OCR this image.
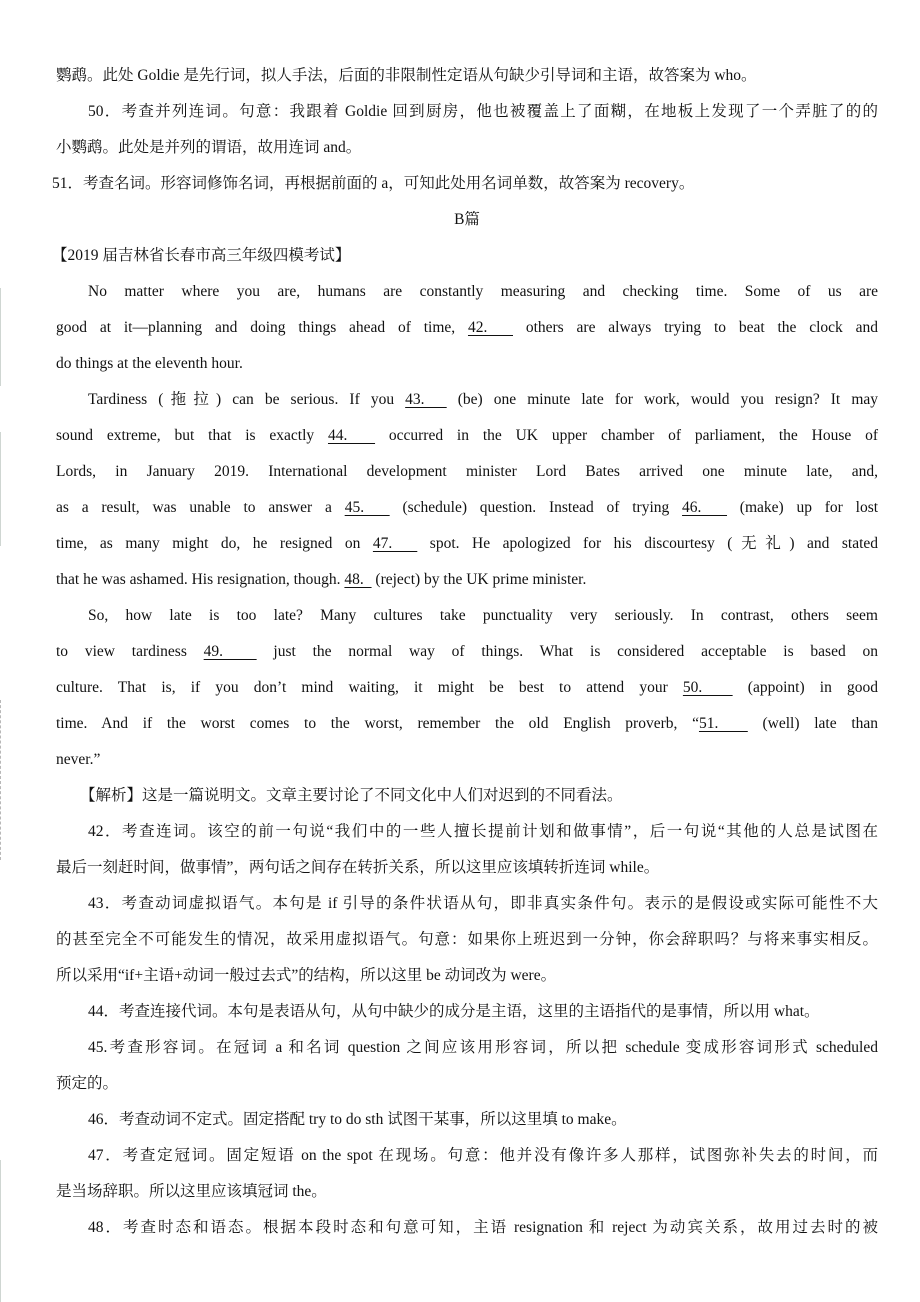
鹦鹉。此处 Goldie 是先行词，拟人手法，后面的非限制性定语从句缺少引导词和主语，故答案为 who。
50．考查并列连词。句意：我跟着 Goldie 回到厨房，他也被覆盖上了面糊，在地板上发现了一个弄脏了的的
小鹦鹉。此处是并列的谓语，故用连词 and。
51．考查名词。形容词修饰名词，再根据前面的 a，可知此处用名词单数，故答案为 recovery。
B篇
【2019 届吉林省长春市高三年级四模考试】
No matter where you are, humans are constantly measuring and checking time. Some of us are
good at it—planning and doing things ahead of time, 42.   others are always trying to beat the clock and
do things at the eleventh hour.
Tardiness (拖拉) can be serious. If you 43.   (be) one minute late for work, would you resign? It may
sound extreme, but that is exactly 44.   occurred in the UK upper chamber of parliament, the House of
Lords, in January 2019. International development minister Lord Bates arrived one minute late, and,
as a result, was unable to answer a 45.   (schedule) question. Instead of trying 46.   (make) up for lost
time, as many might do, he resigned on 47.   spot. He apologized for his discourtesy (无礼) and stated
that he was ashamed. His resignation, though. 48.   (reject) by the UK prime minister.
So, how late is too late? Many cultures take punctuality very seriously. In contrast, others seem
to view tardiness 49.   just the normal way of things. What is considered acceptable is based on
culture. That is, if you don’t mind waiting, it might be best to attend your 50.   (appoint) in good
time. And if the worst comes to the worst, remember the old English proverb, “51.   (well) late than
never.”
【解析】这是一篇说明文。文章主要讨论了不同文化中人们对迟到的不同看法。
42．考查连词。该空的前一句说“我们中的一些人擅长提前计划和做事情”，后一句说“其他的人总是试图在
最后一刻赶时间，做事情”，两句话之间存在转折关系，所以这里应该填转折连词 while。
43．考查动词虚拟语气。本句是 if 引导的条件状语从句，即非真实条件句。表示的是假设或实际可能性不大
的甚至完全不可能发生的情况，故采用虚拟语气。句意：如果你上班迟到一分钟，你会辞职吗？与将来事实相反。
所以采用“if+主语+动词一般过去式”的结构，所以这里 be 动词改为 were。
44．考查连接代词。本句是表语从句，从句中缺少的成分是主语，这里的主语指代的是事情，所以用 what。
45.考查形容词。在冠词 a 和名词 question 之间应该用形容词，所以把 schedule 变成形容词形式 scheduled
预定的。
46．考查动词不定式。固定搭配 try to do sth 试图干某事，所以这里填 to make。
47．考查定冠词。固定短语 on the spot 在现场。句意：他并没有像许多人那样，试图弥补失去的时间，而
是当场辞职。所以这里应该填冠词 the。
48．考查时态和语态。根据本段时态和句意可知，主语 resignation 和 reject 为动宾关系，故用过去时的被
